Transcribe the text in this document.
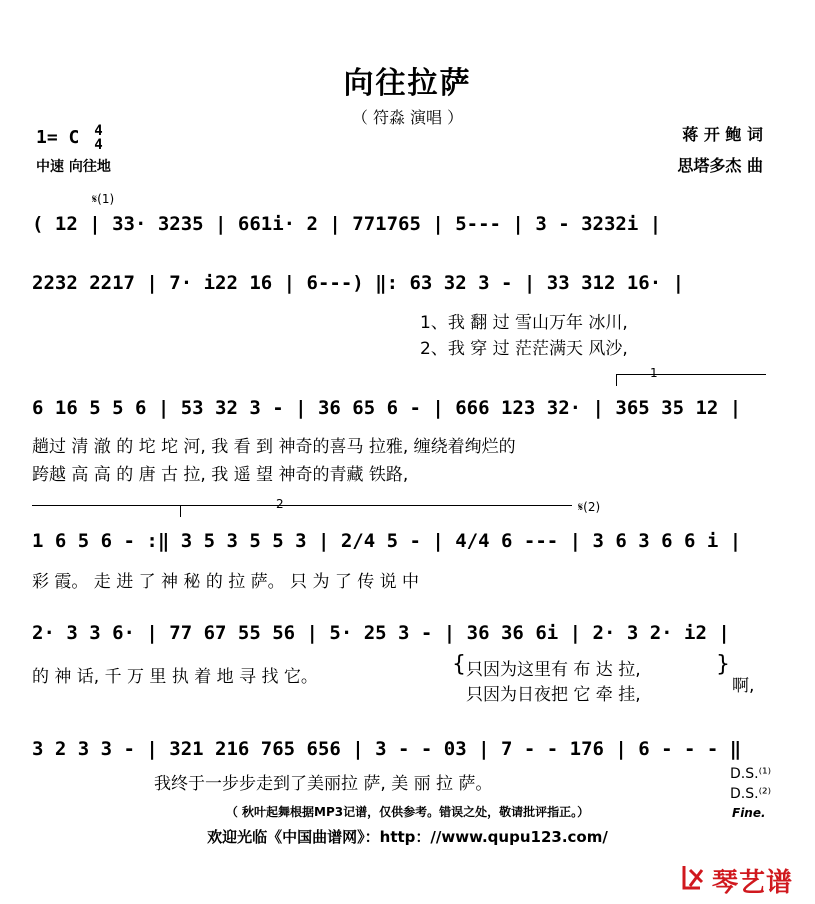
向往拉萨
（ 符淼 演唱 ）
1= C 4
4
中速 向往地
蒋 开 鲍 词
思塔多杰 曲
𝄋(1)
( 12 | 33· 3235 | 661i· 2 | 771765 | 5--- | 3 - 3232i |
2232 2217 | 7· i22 16 | 6---) ‖: 63 32 3 - | 33 312 16· |
1、我 翻 过 雪山万年 冰川,
2、我 穿 过 茫茫满天 风沙,
1
6 16 5 5 6 | 53 32 3 - | 36 65 6 - | 666 123 32· | 365 35 12 |
趟过 清 澈 的 坨 坨 河, 我 看 到 神奇的喜马 拉雅, 缠绕着绚烂的
跨越 高 高 的 唐 古 拉, 我 遥 望 神奇的青藏 铁路,
2	𝄋(2)
1 6 5 6 - :‖ 3 5 3 5 5 3 | 2/4 5 - | 4/4 6 --- | 3 6 3 6 6 i |
彩 霞。 走 进 了 神 秘 的 拉 萨。 只 为 了 传 说 中
2· 3 3 6· | 77 67 55 56 | 5· 25 3 - | 36 36 6i | 2· 3 2· i2 |
的 神 话, 千 万 里 执 着 地 寻 找 它。	{ 只因为这里有 布 达 拉,
只因为日夜把 它 牵 挂,
}
啊,
3 2 3 3 - | 321 216 765 656 | 3 - - 03 | 7 - - 176 | 6 - - - ‖
我终于一步步走到了美丽拉 萨, 美 丽 拉 萨。	D.S.⁽¹⁾
D.S.⁽²⁾
Fine.
（ 秋叶起舞根据MP3记谱，仅供参考。错误之处，敬请批评指正。）
欢迎光临《中国曲谱网》：http：//www.qupu123.com/
琴艺谱
